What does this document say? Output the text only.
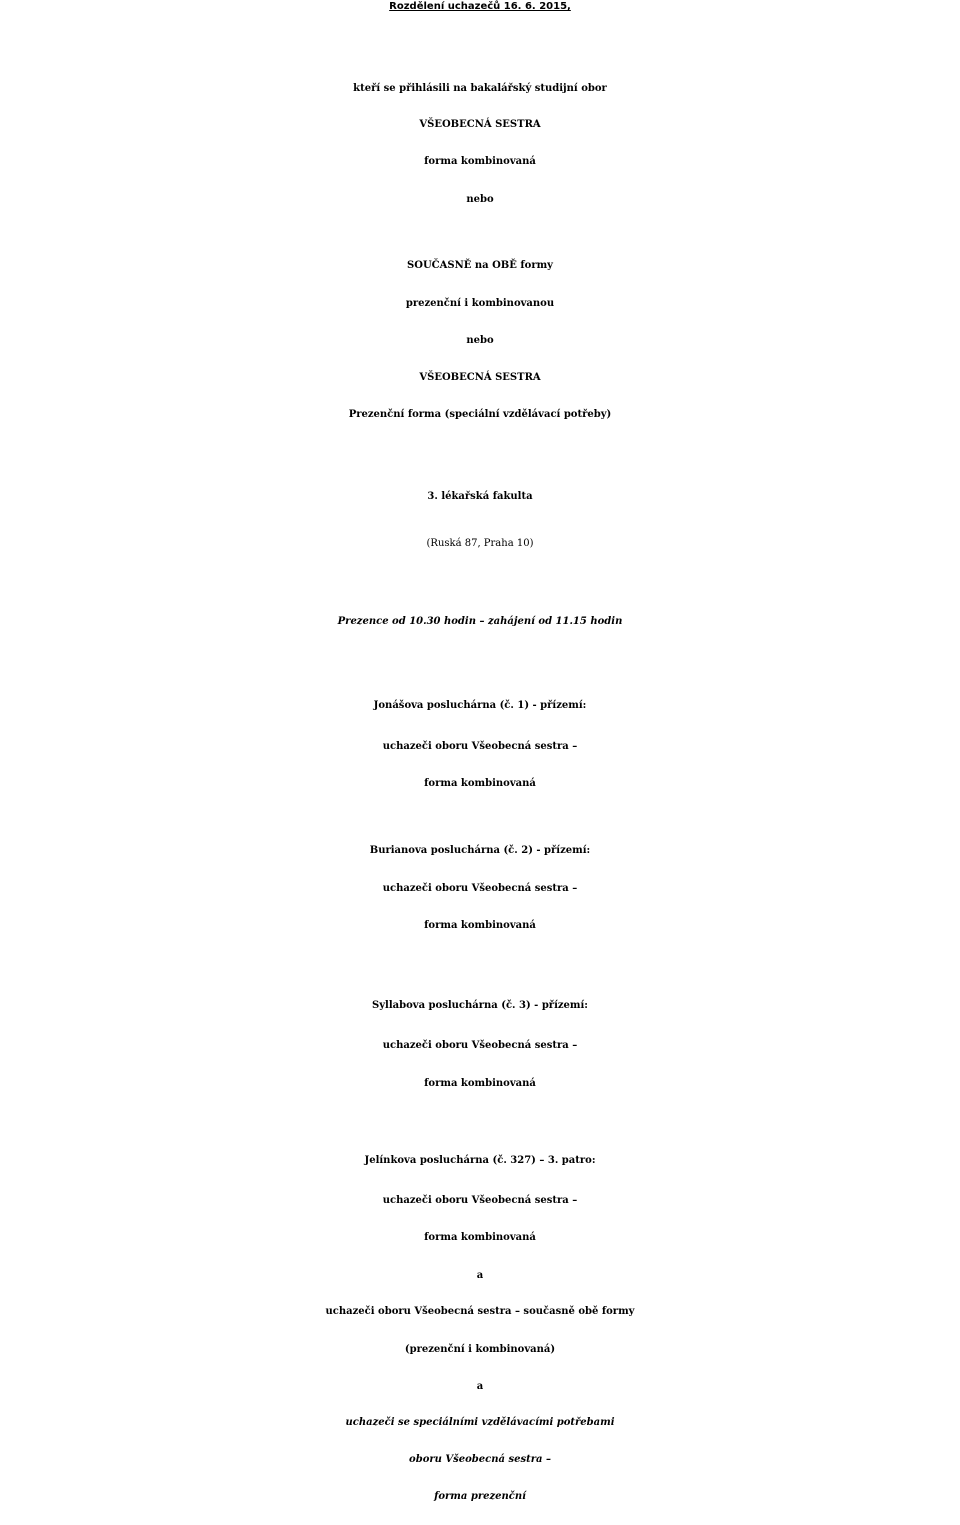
Rozdělení uchazečů 16. 6. 2015,

kteří se přihlásili na bakalářský studijní obor

VŠEOBECNÁ SESTRA

forma kombinovaná

nebo

SOUČASNĚ na OBĚ formy

prezenční i kombinovanou

nebo

VŠEOBECNÁ SESTRA

Prezenční forma (speciální vzdělávací potřeby)

3. lékařská fakulta

(Ruská 87, Praha 10)

Prezence od 10.30 hodin – zahájení od 11.15 hodin

Jonášova posluchárna (č. 1) - přízemí:

uchazeči oboru Všeobecná sestra –

forma kombinovaná

Burianova posluchárna (č. 2) - přízemí:

uchazeči oboru Všeobecná sestra –

forma kombinovaná

Syllabova posluchárna (č. 3) - přízemí:

uchazeči oboru Všeobecná sestra –

forma kombinovaná

Jelínkova posluchárna (č. 327) – 3. patro:

uchazeči oboru Všeobecná sestra –

forma kombinovaná

a

uchazeči oboru Všeobecná sestra – současně obě formy

(prezenční i kombinovaná)

a

uchazeči se speciálními vzdělávacími potřebami

oboru Všeobecná sestra –

forma prezenční
